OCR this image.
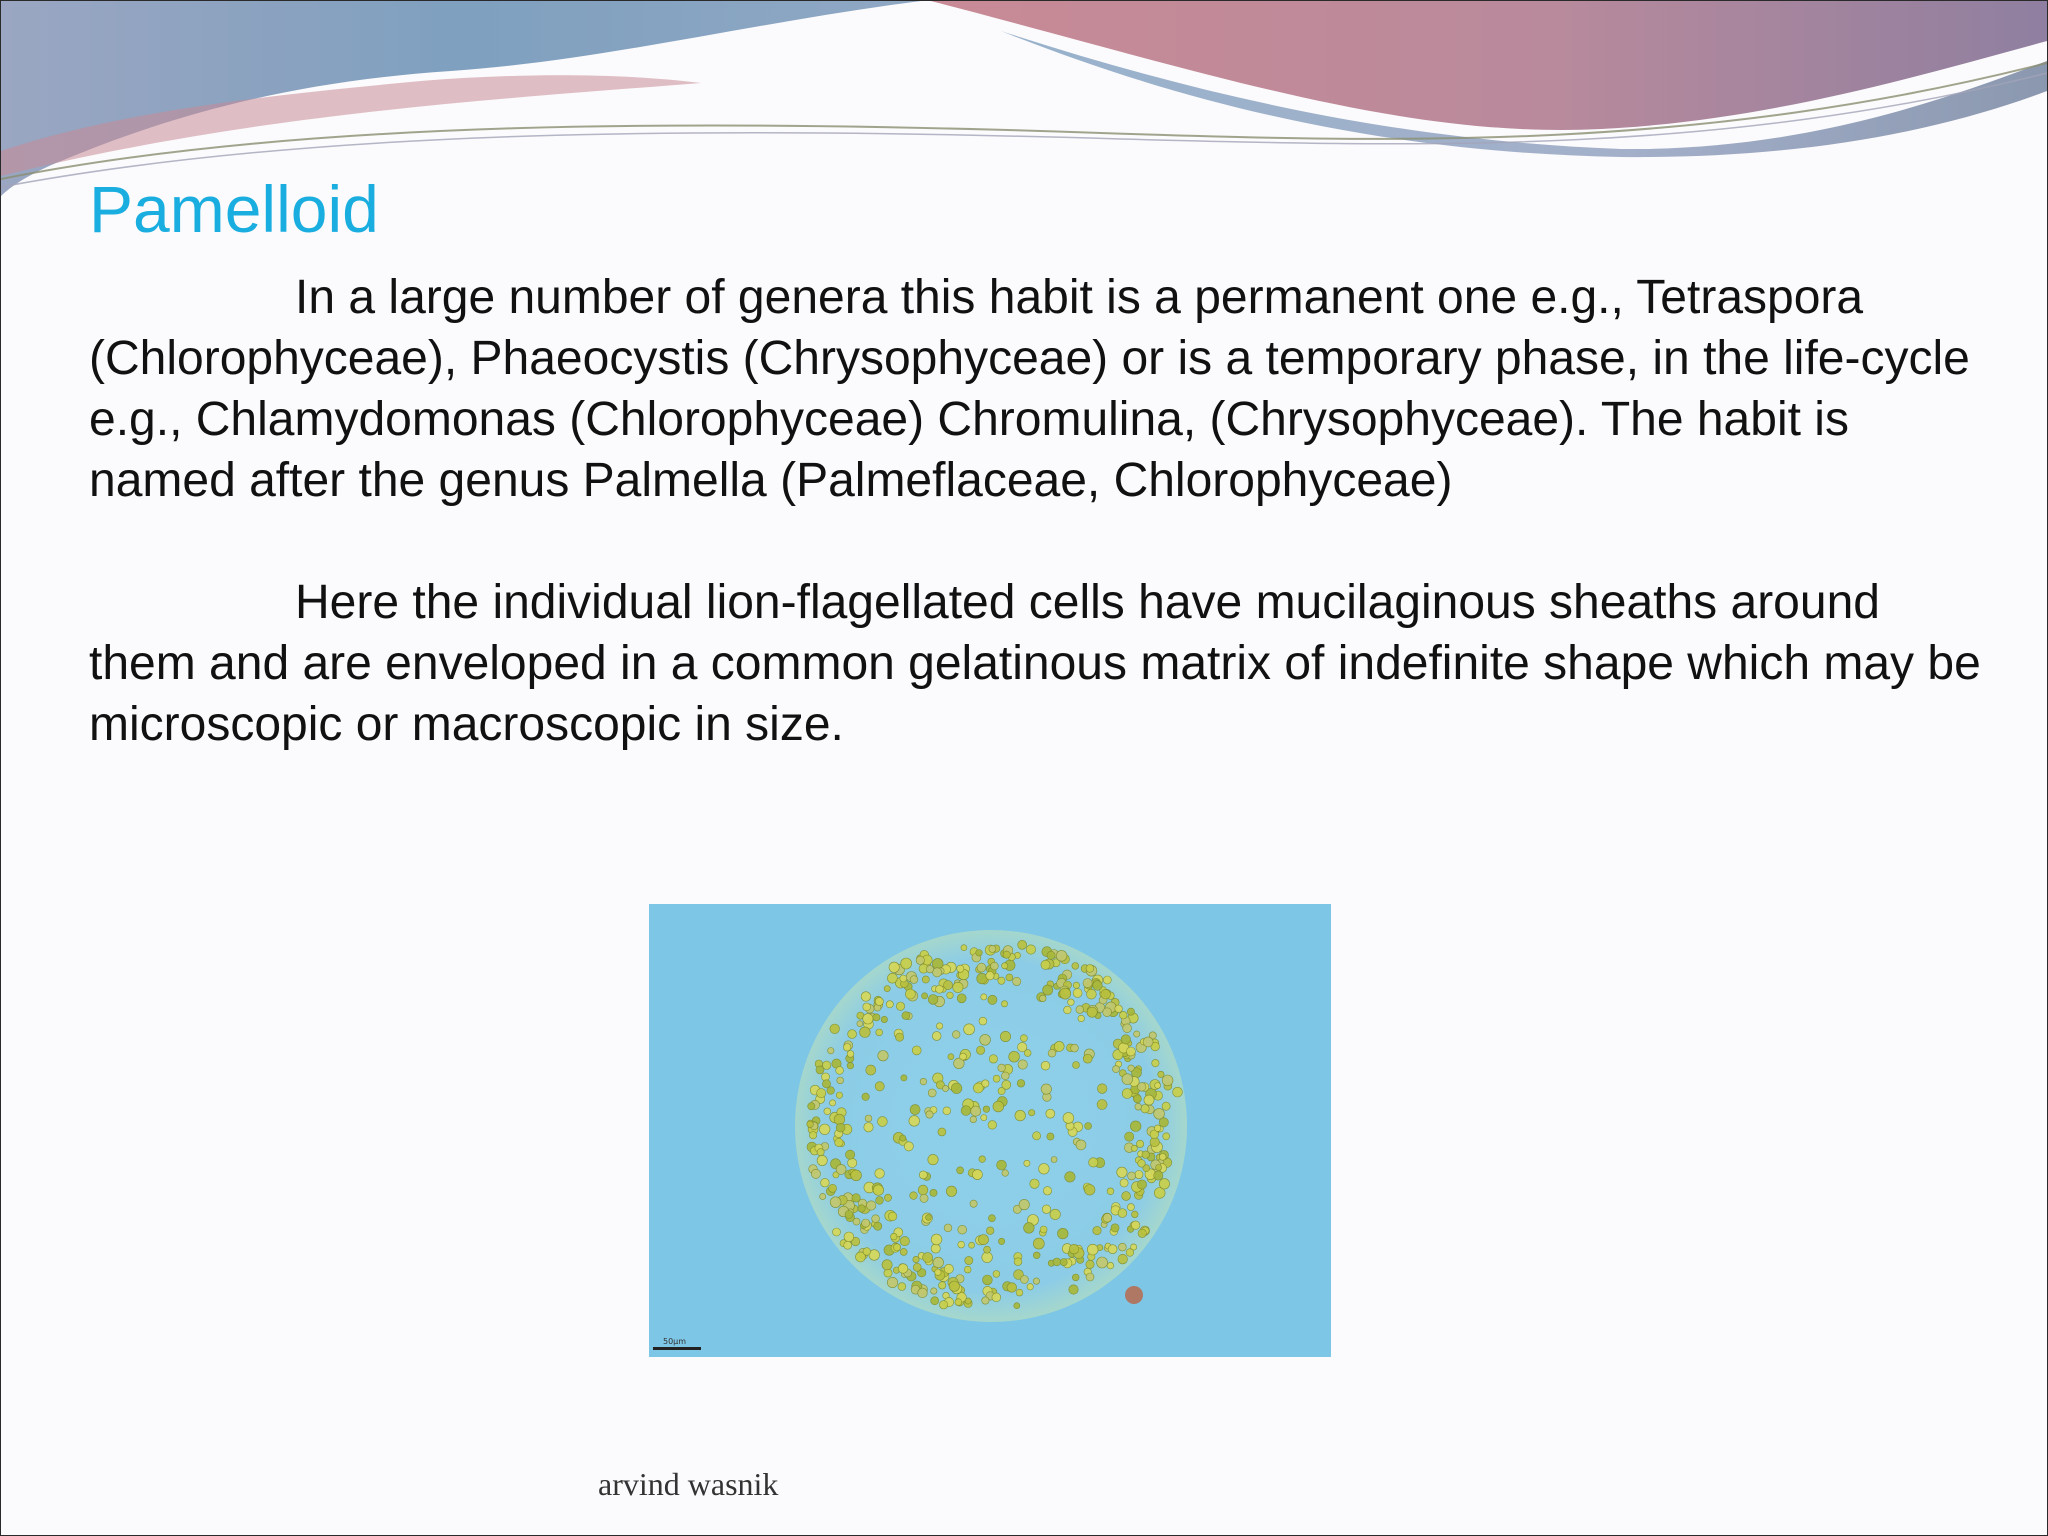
Pamelloid

In a large number of genera this habit is a permanent one e.g., Tetraspora (Chlorophyceae), Phaeocystis (Chrysophyceae) or is a temporary phase, in the life-cycle e.g., Chlamydomonas (Chlorophyceae) Chromulina, (Chrysophyceae). The habit is named after the genus Palmella (Palmeflaceae, Chlorophyceae)

Here the individual lion-flagellated cells have mucilaginous sheaths around them and are enveloped in a common gelatinous matrix of indefinite shape which may be microscopic or macroscopic in size.

50µm
arvind wasnik
